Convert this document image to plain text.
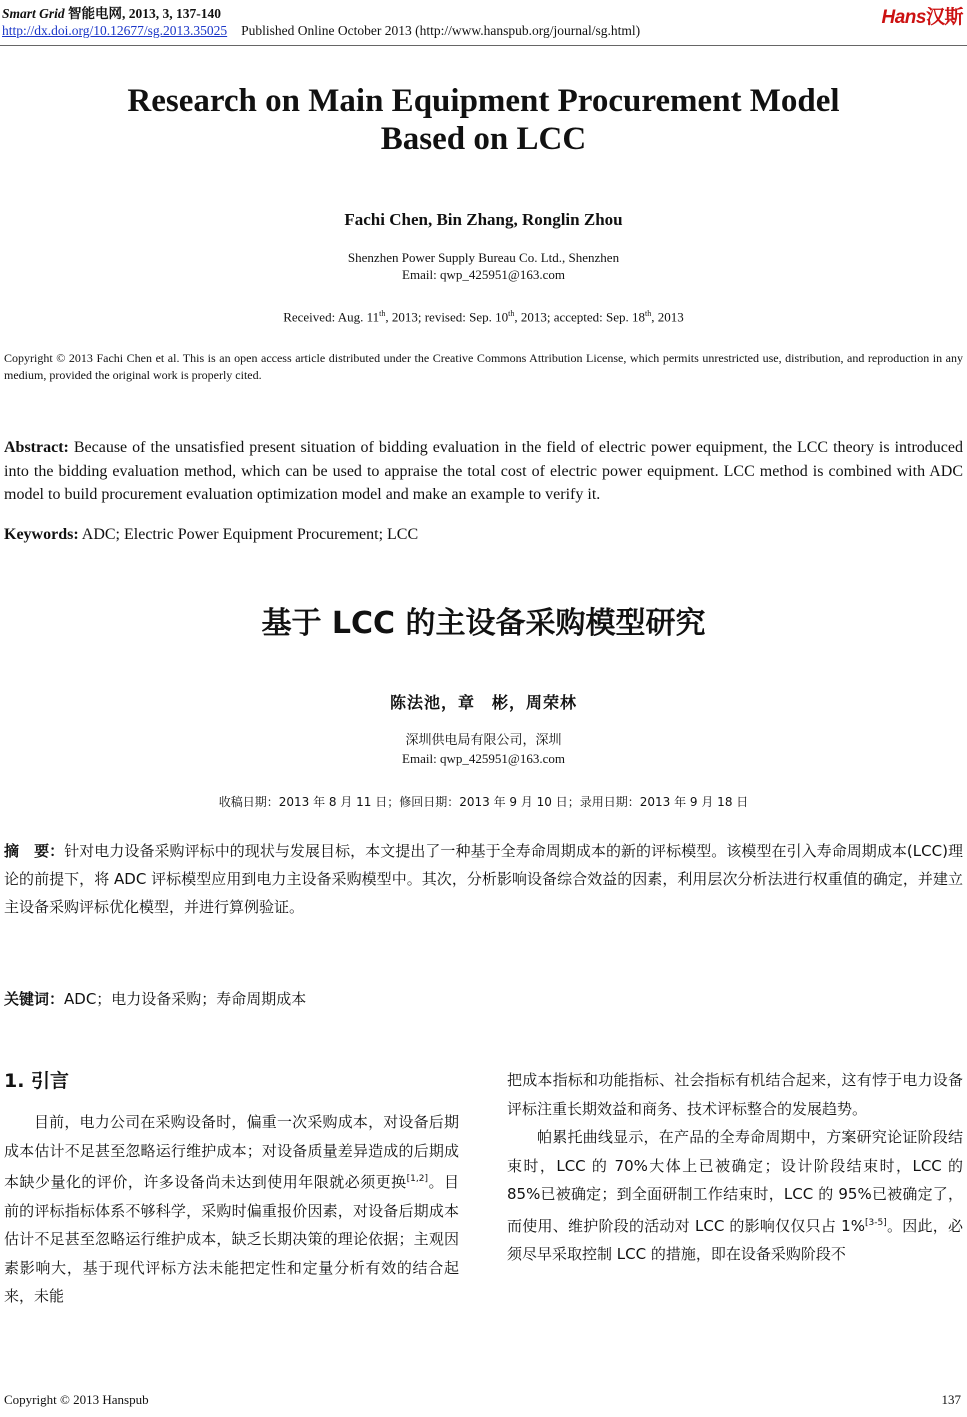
Smart Grid 智能电网, 2013, 3, 137-140
http://dx.doi.org/10.12677/sg.2013.35025 Published Online October 2013 (http://www.hanspub.org/journal/sg.html)
Hans汉斯
Research on Main Equipment Procurement Model
Based on LCC
Fachi Chen, Bin Zhang, Ronglin Zhou
Shenzhen Power Supply Bureau Co. Ltd., Shenzhen
Email: qwp_425951@163.com
Received: Aug. 11th, 2013; revised: Sep. 10th, 2013; accepted: Sep. 18th, 2013
Copyright © 2013 Fachi Chen et al. This is an open access article distributed under the Creative Commons Attribution License, which permits unrestricted use, distribution, and reproduction in any medium, provided the original work is properly cited.
Abstract: Because of the unsatisfied present situation of bidding evaluation in the field of electric power equipment, the LCC theory is introduced into the bidding evaluation method, which can be used to appraise the total cost of electric power equipment. LCC method is combined with ADC model to build procurement evaluation optimization model and make an example to verify it.
Keywords: ADC; Electric Power Equipment Procurement; LCC
基于 LCC 的主设备采购模型研究
陈法池，章　彬，周荣林
深圳供电局有限公司，深圳
Email: qwp_425951@163.com
收稿日期：2013 年 8 月 11 日；修回日期：2013 年 9 月 10 日；录用日期：2013 年 9 月 18 日
摘　要：针对电力设备采购评标中的现状与发展目标，本文提出了一种基于全寿命周期成本的新的评标模型。该模型在引入寿命周期成本(LCC)理论的前提下，将 ADC 评标模型应用到电力主设备采购模型中。其次，分析影响设备综合效益的因素，利用层次分析法进行权重值的确定，并建立主设备采购评标优化模型，并进行算例验证。
关键词：ADC；电力设备采购；寿命周期成本
1. 引言

目前，电力公司在采购设备时，偏重一次采购成本，对设备后期成本估计不足甚至忽略运行维护成本；对设备质量差异造成的后期成本缺少量化的评价，许多设备尚未达到使用年限就必须更换[1,2]。目前的评标指标体系不够科学，采购时偏重报价因素，对设备后期成本估计不足甚至忽略运行维护成本，缺乏长期决策的理论依据；主观因素影响大，基于现代评标方法未能把定性和定量分析有效的结合起来，未能

把成本指标和功能指标、社会指标有机结合起来，这有悖于电力设备评标注重长期效益和商务、技术评标整合的发展趋势。

帕累托曲线显示，在产品的全寿命周期中，方案研究论证阶段结束时，LCC 的 70%大体上已被确定；设计阶段结束时，LCC 的 85%已被确定；到全面研制工作结束时，LCC 的 95%已被确定了，而使用、维护阶段的活动对 LCC 的影响仅仅只占 1%[3-5]。因此，必须尽早采取控制 LCC 的措施，即在设备采购阶段不

Copyright © 2013 Hanspub	137
